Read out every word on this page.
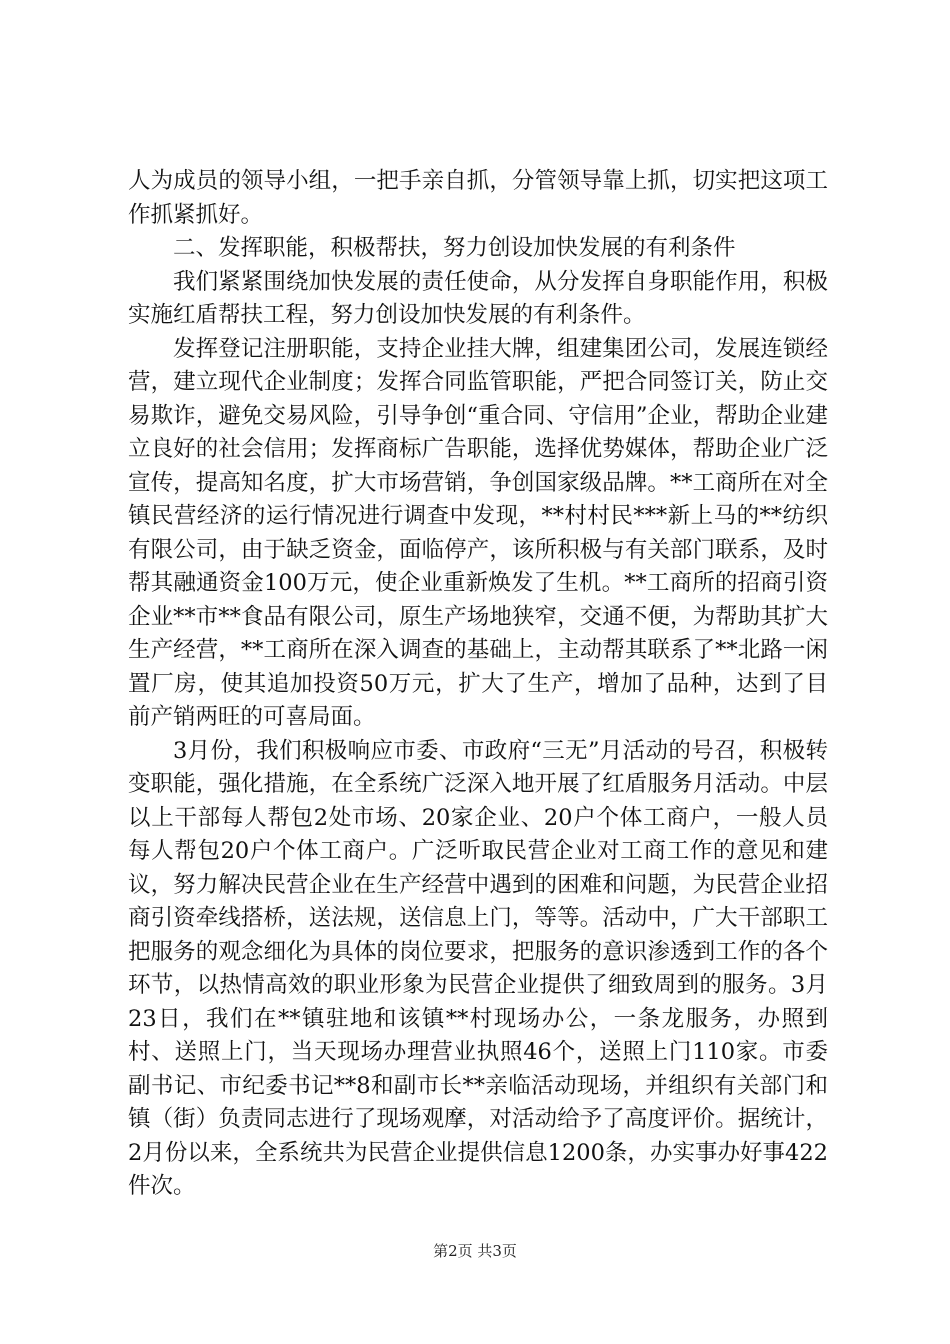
人为成员的领导小组，一把手亲自抓，分管领导靠上抓，切实把这项工作抓紧抓好。

二、发挥职能，积极帮扶，努力创设加快发展的有利条件

我们紧紧围绕加快发展的责任使命，从分发挥自身职能作用，积极实施红盾帮扶工程，努力创设加快发展的有利条件。

发挥登记注册职能，支持企业挂大牌，组建集团公司，发展连锁经营，建立现代企业制度；发挥合同监管职能，严把合同签订关，防止交易欺诈，避免交易风险，引导争创“重合同、守信用”企业，帮助企业建立良好的社会信用；发挥商标广告职能，选择优势媒体，帮助企业广泛宣传，提高知名度，扩大市场营销，争创国家级品牌。**工商所在对全镇民营经济的运行情况进行调查中发现，**村村民***新上马的**纺织有限公司，由于缺乏资金，面临停产，该所积极与有关部门联系，及时帮其融通资金100万元，使企业重新焕发了生机。**工商所的招商引资企业**市**食品有限公司，原生产场地狭窄，交通不便，为帮助其扩大生产经营，**工商所在深入调查的基础上，主动帮其联系了**北路一闲置厂房，使其追加投资50万元，扩大了生产，增加了品种，达到了目前产销两旺的可喜局面。

3月份，我们积极响应市委、市政府“三无”月活动的号召，积极转变职能，强化措施，在全系统广泛深入地开展了红盾服务月活动。中层以上干部每人帮包2处市场、20家企业、20户个体工商户，一般人员每人帮包20户个体工商户。广泛听取民营企业对工商工作的意见和建议，努力解决民营企业在生产经营中遇到的困难和问题，为民营企业招商引资牵线搭桥，送法规，送信息上门，等等。活动中，广大干部职工把服务的观念细化为具体的岗位要求，把服务的意识渗透到工作的各个环节，以热情高效的职业形象为民营企业提供了细致周到的服务。3月23日，我们在**镇驻地和该镇**村现场办公，一条龙服务，办照到村、送照上门，当天现场办理营业执照46个，送照上门110家。市委副书记、市纪委书记**8和副市长**亲临活动现场，并组织有关部门和镇（街）负责同志进行了现场观摩，对活动给予了高度评价。据统计，2月份以来，全系统共为民营企业提供信息1200条，办实事办好事422件次。

第2页 共3页
